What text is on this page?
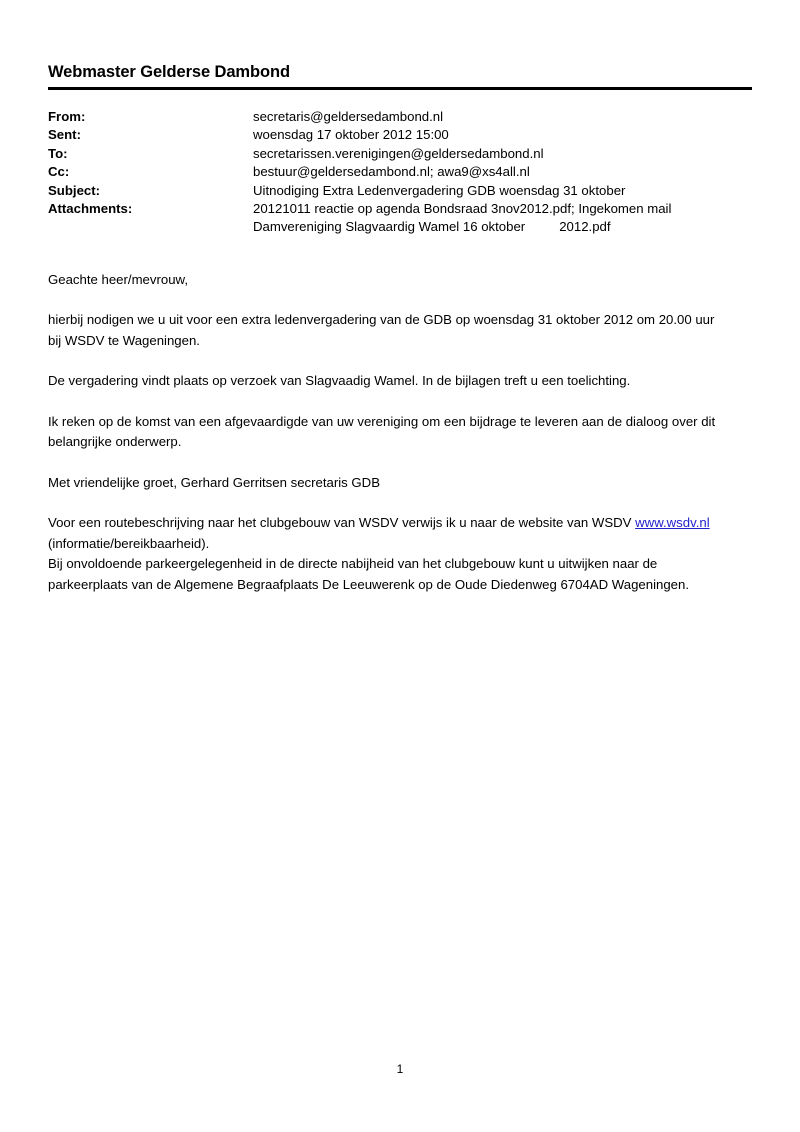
Webmaster Gelderse Dambond
From:	secretaris@geldersedambond.nl
Sent:	woensdag 17 oktober 2012 15:00
To:	secretarissen.verenigingen@geldersedambond.nl
Cc:	bestuur@geldersedambond.nl; awa9@xs4all.nl
Subject:	Uitnodiging Extra Ledenvergadering GDB woensdag 31 oktober
Attachments:	20121011 reactie op agenda Bondsraad 3nov2012.pdf; Ingekomen mail
Damvereniging Slagvaardig Wamel 16 oktober 2012.pdf

Geachte heer/mevrouw,

hierbij nodigen we u uit voor een extra ledenvergadering van de GDB op woensdag 31 oktober 2012 om 20.00 uur
bij WSDV te Wageningen.

De vergadering vindt plaats op verzoek van Slagvaadig Wamel. In de bijlagen treft u een toelichting.

Ik reken op de komst van een afgevaardigde van uw vereniging om een bijdrage te leveren aan de dialoog over dit
belangrijke onderwerp.

Met vriendelijke groet, Gerhard Gerritsen secretaris GDB

Voor een routebeschrijving naar het clubgebouw van WSDV verwijs ik u naar de website van WSDV www.wsdv.nl
(informatie/bereikbaarheid).
Bij onvoldoende parkeergelegenheid in de directe nabijheid van het clubgebouw kunt u uitwijken naar de
parkeerplaats van de Algemene Begraafplaats De Leeuwerenk op de Oude Diedenweg 6704AD Wageningen.

1
